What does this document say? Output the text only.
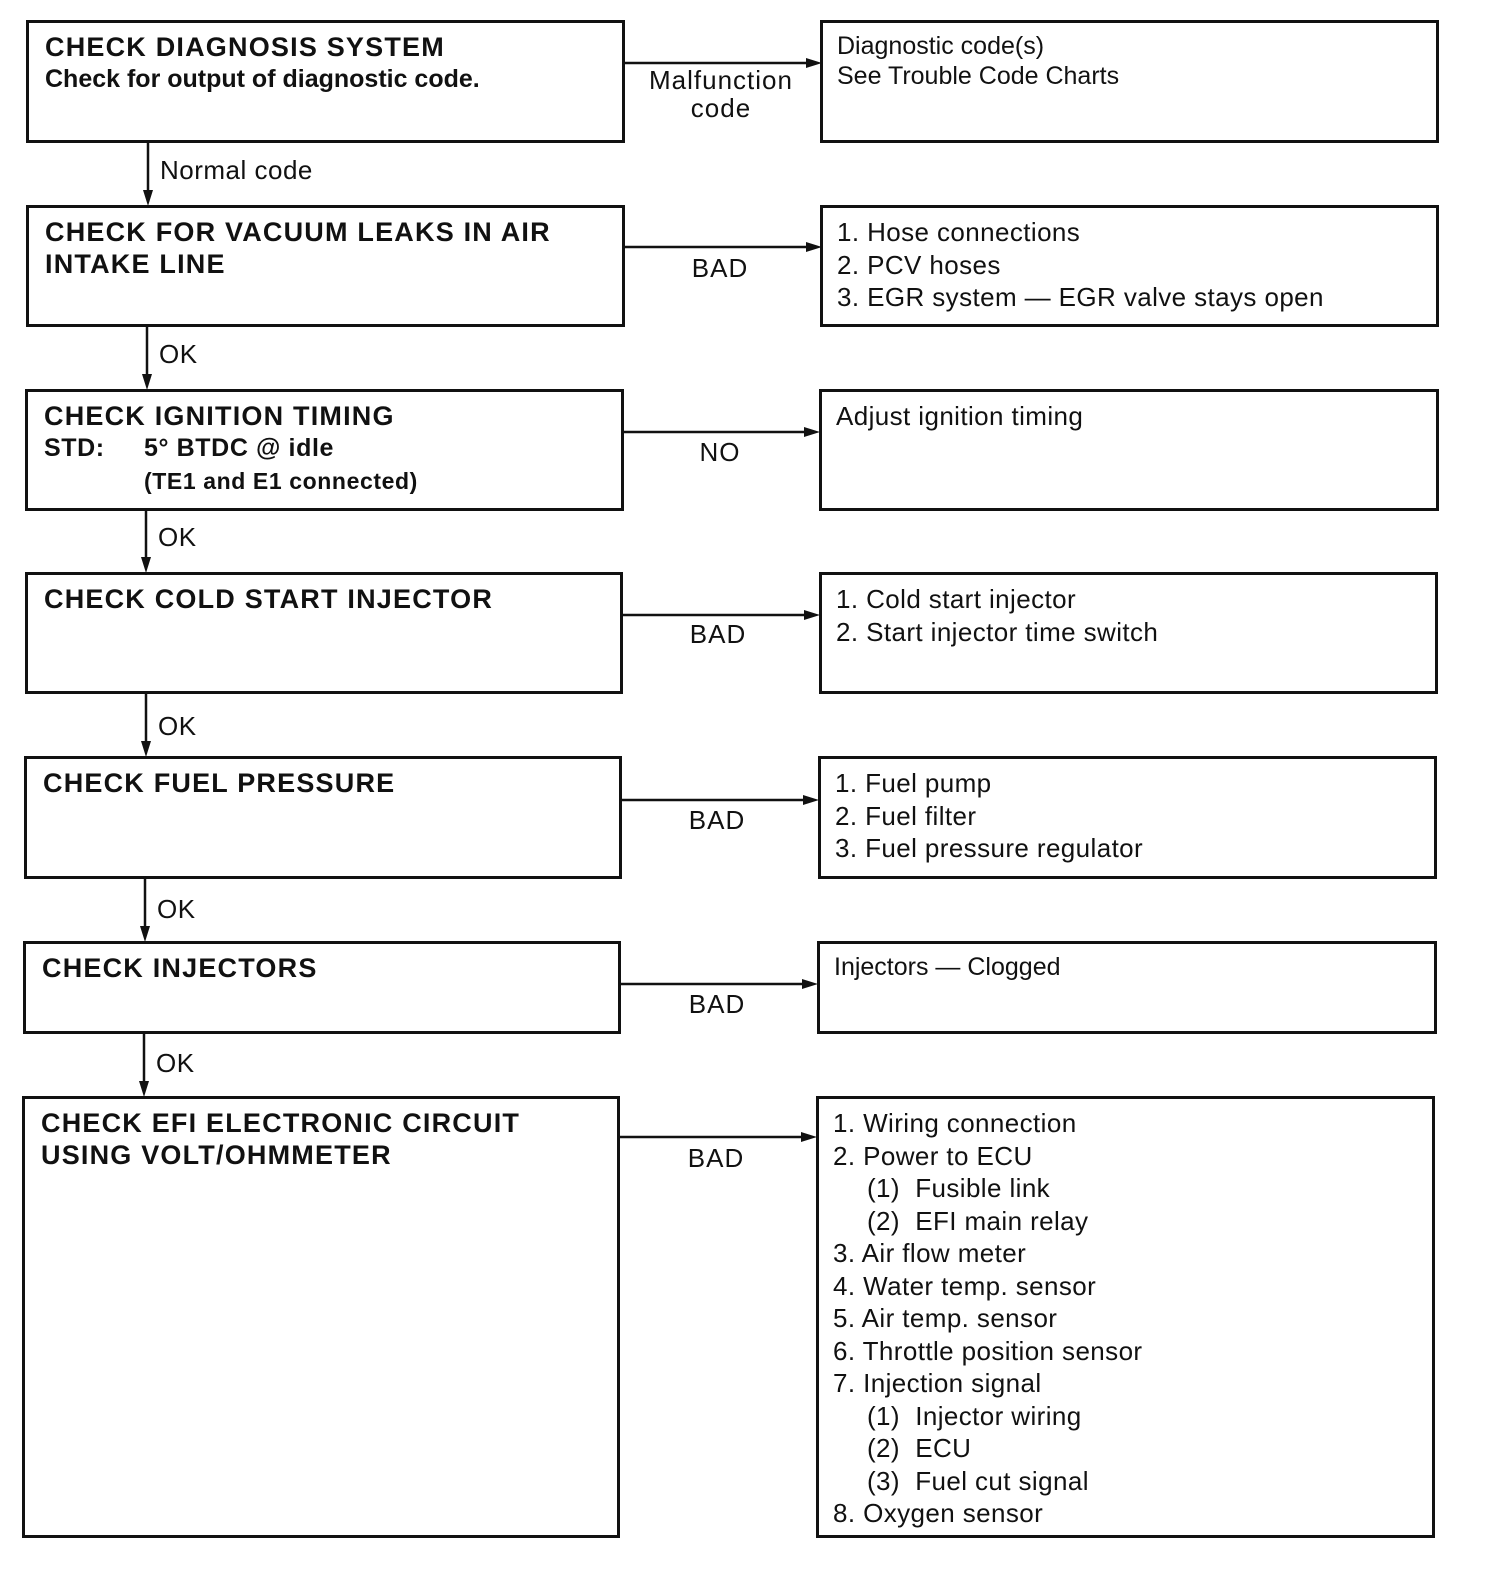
CHECK DIAGNOSIS SYSTEM
Check for output of diagnostic code.	Malfunction
code
Diagnostic code(s)
See Trouble Code Charts
Normal code
CHECK FOR VACUUM LEAKS IN AIR
INTAKE LINE	BAD
1. Hose connections
2. PCV hoses
3. EGR system — EGR valve stays open
OK
CHECK IGNITION TIMING
STD: 5° BTDC @ idle
(TE1 and E1 connected)
NO
Adjust ignition timing
OK
CHECK COLD START INJECTOR
BAD
1. Cold start injector
2. Start injector time switch
OK
CHECK FUEL PRESSURE
BAD
1. Fuel pump
2. Fuel filter
3. Fuel pressure regulator
OK
CHECK INJECTORS
BAD
Injectors — Clogged
OK
CHECK EFI ELECTRONIC CIRCUIT
USING VOLT/OHMMETER	BAD
1. Wiring connection
2. Power to ECU
(1)  Fusible link
(2)  EFI main relay
3. Air flow meter
4. Water temp. sensor
5. Air temp. sensor
6. Throttle position sensor
7. Injection signal
(1)  Injector wiring
(2)  ECU
(3)  Fuel cut signal
8. Oxygen sensor
